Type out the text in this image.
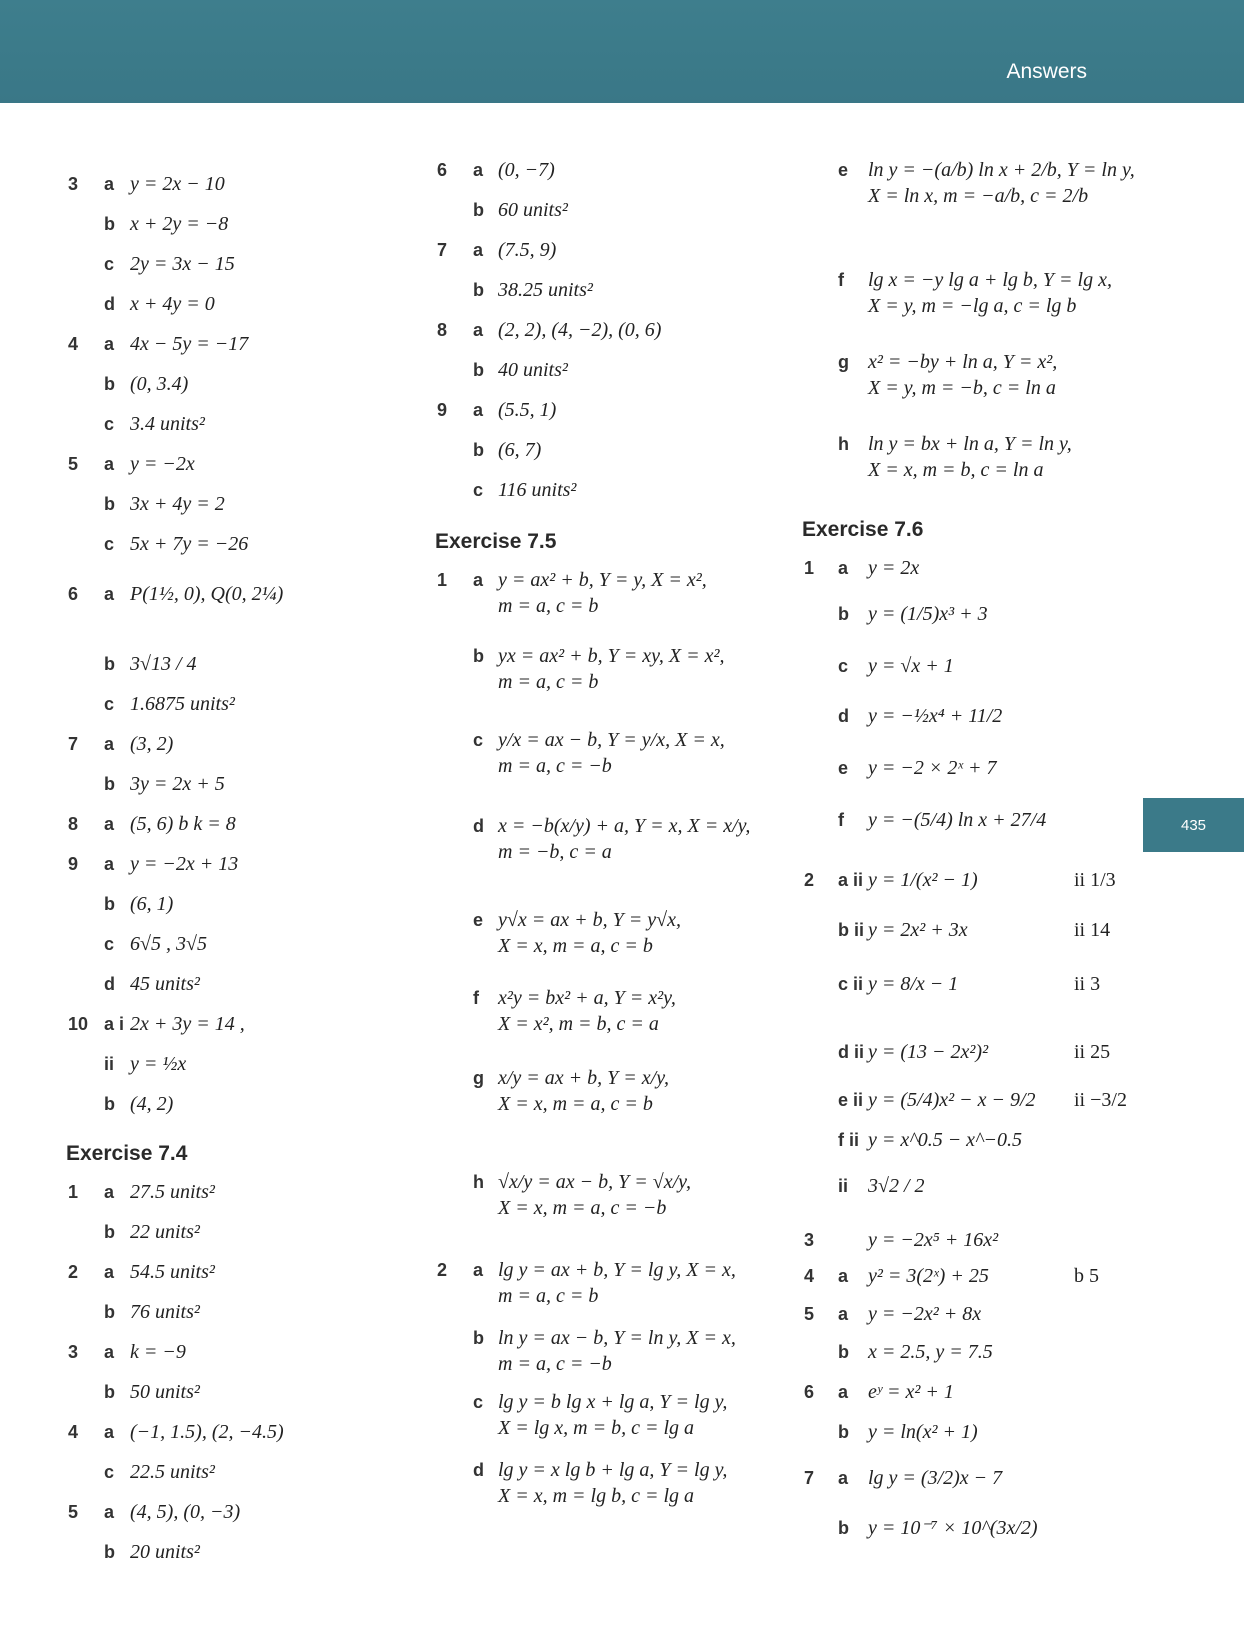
Answers
435
3 a y = 2x − 10
b x + 2y = −8
c 2y = 3x − 15
d x + 4y = 0
4 a 4x − 5y = −17
b (0, 3.4)
c 3.4 units²
5 a y = −2x
b 3x + 4y = 2
c 5x + 7y = −26
6 a P(1½, 0), Q(0, 2¼)
b 3√13 / 4
c 1.6875 units²
7 a (3, 2)
b 3y = 2x + 5
8 a (5, 6) b k = 8
9 a y = −2x + 13
b (6, 1)
c 6√5 , 3√5
d 45 units²
10 a i 2x + 3y = 14 ,
ii y = ½x
b (4, 2)
Exercise 7.4
1 a 27.5 units²
b 22 units²
2 a 54.5 units²
b 76 units²
3 a k = −9
b 50 units²
4 a (−1, 1.5), (2, −4.5)
c 22.5 units²
5 a (4, 5), (0, −3)
b 20 units²
6 a (0, −7)
b 60 units²
7 a (7.5, 9)
b 38.25 units²
8 a (2, 2), (4, −2), (0, 6)
b 40 units²
9 a (5.5, 1)
b (6, 7)
c 116 units²
Exercise 7.5
1 a y = ax² + b, Y = y, X = x²,
m = a, c = b
b yx = ax² + b, Y = xy, X = x²,
m = a, c = b
c y/x = ax − b, Y = y/x, X = x,
m = a, c = −b
d x = −b(x/y) + a, Y = x, X = x/y,
m = −b, c = a
e y√x = ax + b, Y = y√x,
X = x, m = a, c = b
f x²y = bx² + a, Y = x²y,
X = x², m = b, c = a
g x/y = ax + b, Y = x/y,
X = x, m = a, c = b
h √x/y = ax − b, Y = √x/y,
X = x, m = a, c = −b
2 a lg y = ax + b, Y = lg y, X = x,
m = a, c = b
b ln y = ax − b, Y = ln y, X = x,
m = a, c = −b
c lg y = b lg x + lg a, Y = lg y,
X = lg x, m = b, c = lg a
d lg y = x lg b + lg a, Y = lg y,
X = x, m = lg b, c = lg a
e ln y = −(a/b) ln x + 2/b, Y = ln y,
X = ln x, m = −a/b, c = 2/b
f lg x = −y lg a + lg b, Y = lg x,
X = y, m = −lg a, c = lg b
g x² = −by + ln a, Y = x²,
X = y, m = −b, c = ln a
h ln y = bx + ln a, Y = ln y,
X = x, m = b, c = ln a
Exercise 7.6
1 a y = 2x
b y = (1/5)x³ + 3
c y = √x + 1
d y = −½x⁴ + 11/2
e y = −2 × 2ˣ + 7
f y = −(5/4) ln x + 27/4
2 a ii y = 1/(x² − 1)	ii 1/3
b ii y = 2x² + 3x	ii 14
c ii y = 8/x − 1	ii 3
d ii y = (13 − 2x²)²	ii 25
e ii y = (5/4)x² − x − 9/2 ii −3/2
f ii y = x^0.5 − x^−0.5
ii 3√2 / 2
3	y = −2x⁵ + 16x²
4 a y² = 3(2ˣ) + 25	b 5
5 a y = −2x² + 8x
b x = 2.5, y = 7.5
6 a eʸ = x² + 1
b y = ln(x² + 1)
7 a lg y = (3/2)x − 7
b y = 10⁻⁷ × 10^(3x/2)
